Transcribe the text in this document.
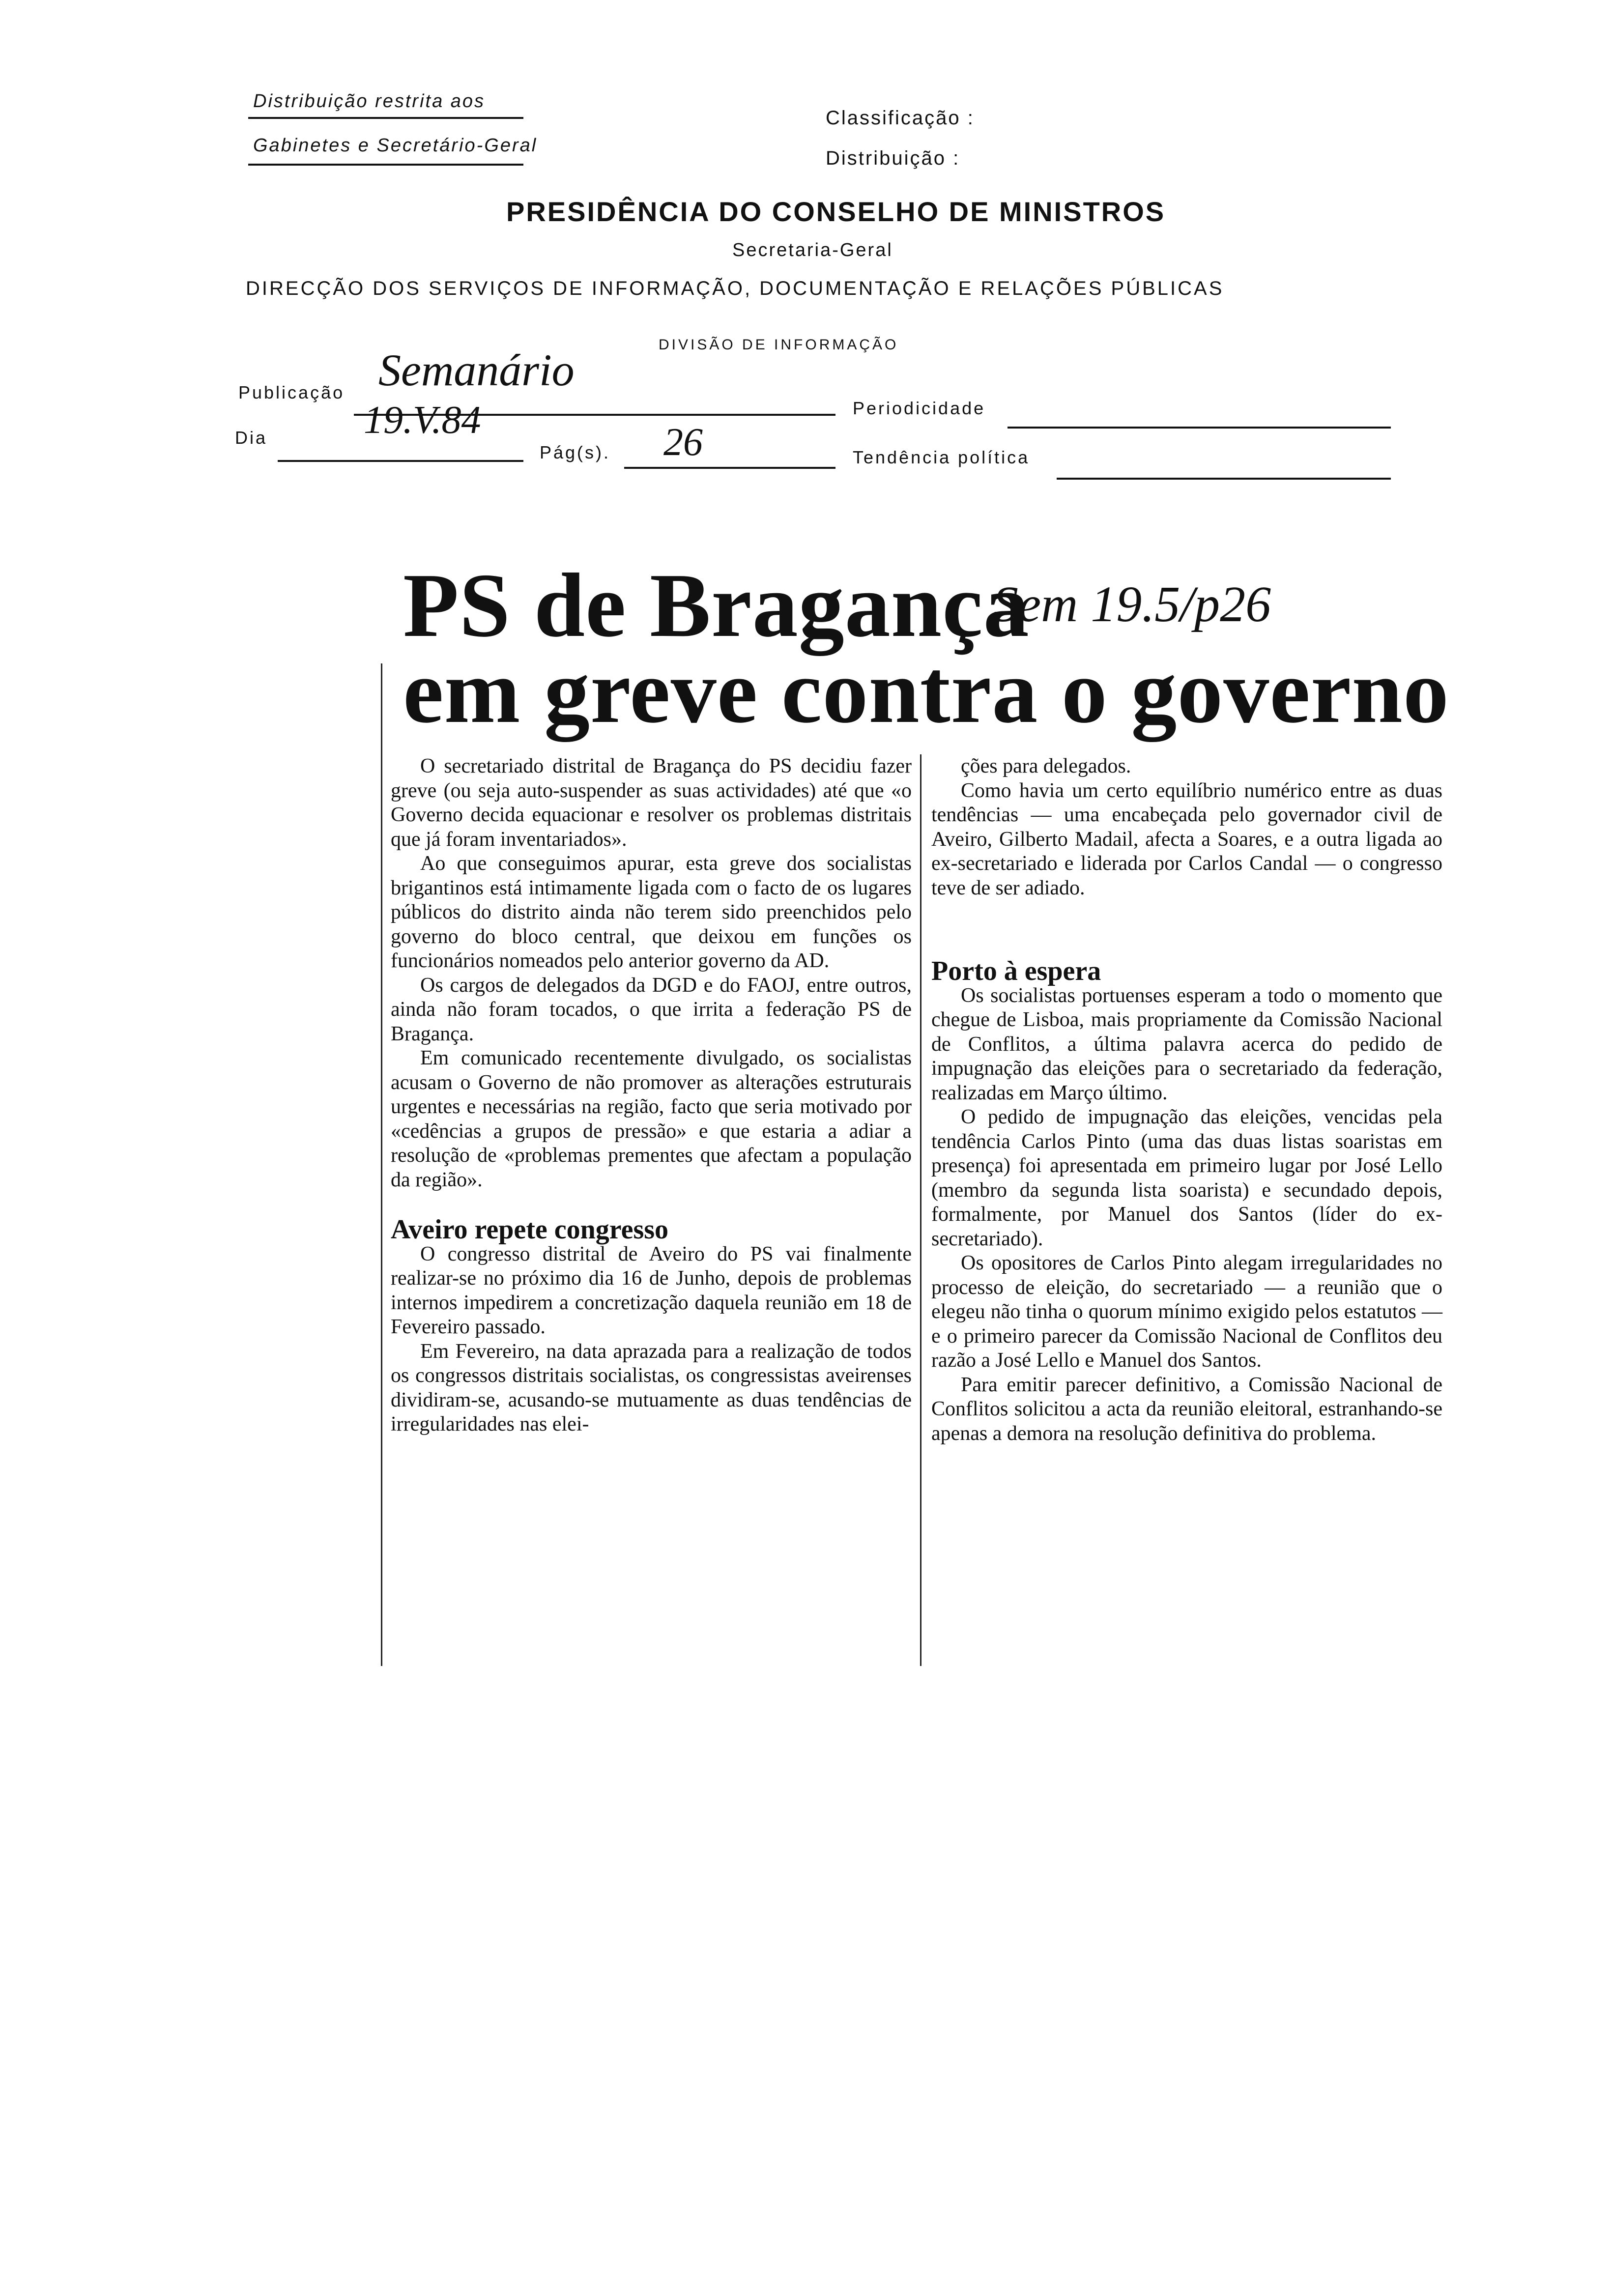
Distribuição restrita aos
Gabinetes e Secretário-Geral
Classificação :
Distribuição :
PRESIDÊNCIA DO CONSELHO DE MINISTROS
Secretaria-Geral
DIRECÇÃO DOS SERVIÇOS DE INFORMAÇÃO, DOCUMENTAÇÃO E RELAÇÕES PÚBLICAS
DIVISÃO DE INFORMAÇÃO
Publicação Semanário
Periodicidade
Dia 19.V.84
Pág(s). 26	Tendência política
PS de Bragança
em greve contra o governo
Sem 19.5/p26

O secretariado distrital de Bragança do PS decidiu fazer greve (ou seja auto-suspender as suas actividades) até que «o Governo decida equacionar e resolver os problemas distritais que já foram inventariados».

Ao que conseguimos apurar, esta greve dos socialistas brigantinos está intimamente ligada com o facto de os lugares públicos do distrito ainda não terem sido preenchidos pelo governo do bloco central, que deixou em funções os funcionários nomeados pelo anterior governo da AD.

Os cargos de delegados da DGD e do FAOJ, entre outros, ainda não foram tocados, o que irrita a federação PS de Bragança.

Em comunicado recentemente divulgado, os socialistas acusam o Governo de não promover as alterações estruturais urgentes e necessárias na região, facto que seria motivado por «cedências a grupos de pressão» e que estaria a adiar a resolução de «problemas prementes que afectam a população da região».

Aveiro repete congresso

O congresso distrital de Aveiro do PS vai finalmente realizar-se no próximo dia 16 de Junho, depois de problemas internos impedirem a concretização daquela reunião em 18 de Fevereiro passado.

Em Fevereiro, na data aprazada para a realização de todos os congressos distritais socialistas, os congressistas aveirenses dividiram-se, acusando-se mutuamente as duas tendências de irregularidades nas elei-

ções para delegados.

Como havia um certo equilíbrio numérico entre as duas tendências — uma encabeçada pelo governador civil de Aveiro, Gilberto Madail, afecta a Soares, e a outra ligada ao ex-secretariado e liderada por Carlos Candal — o congresso teve de ser adiado.

Porto à espera

Os socialistas portuenses esperam a todo o momento que chegue de Lisboa, mais propriamente da Comissão Nacional de Conflitos, a última palavra acerca do pedido de impugnação das eleições para o secretariado da federação, realizadas em Março último.

O pedido de impugnação das eleições, vencidas pela tendência Carlos Pinto (uma das duas listas soaristas em presença) foi apresentada em primeiro lugar por José Lello (membro da segunda lista soarista) e secundado depois, formalmente, por Manuel dos Santos (líder do ex-secretariado).

Os opositores de Carlos Pinto alegam irregularidades no processo de eleição, do secretariado — a reunião que o elegeu não tinha o quorum mínimo exigido pelos estatutos — e o primeiro parecer da Comissão Nacional de Conflitos deu razão a José Lello e Manuel dos Santos.

Para emitir parecer definitivo, a Comissão Nacional de Conflitos solicitou a acta da reunião eleitoral, estranhando-se apenas a demora na resolução definitiva do problema.
